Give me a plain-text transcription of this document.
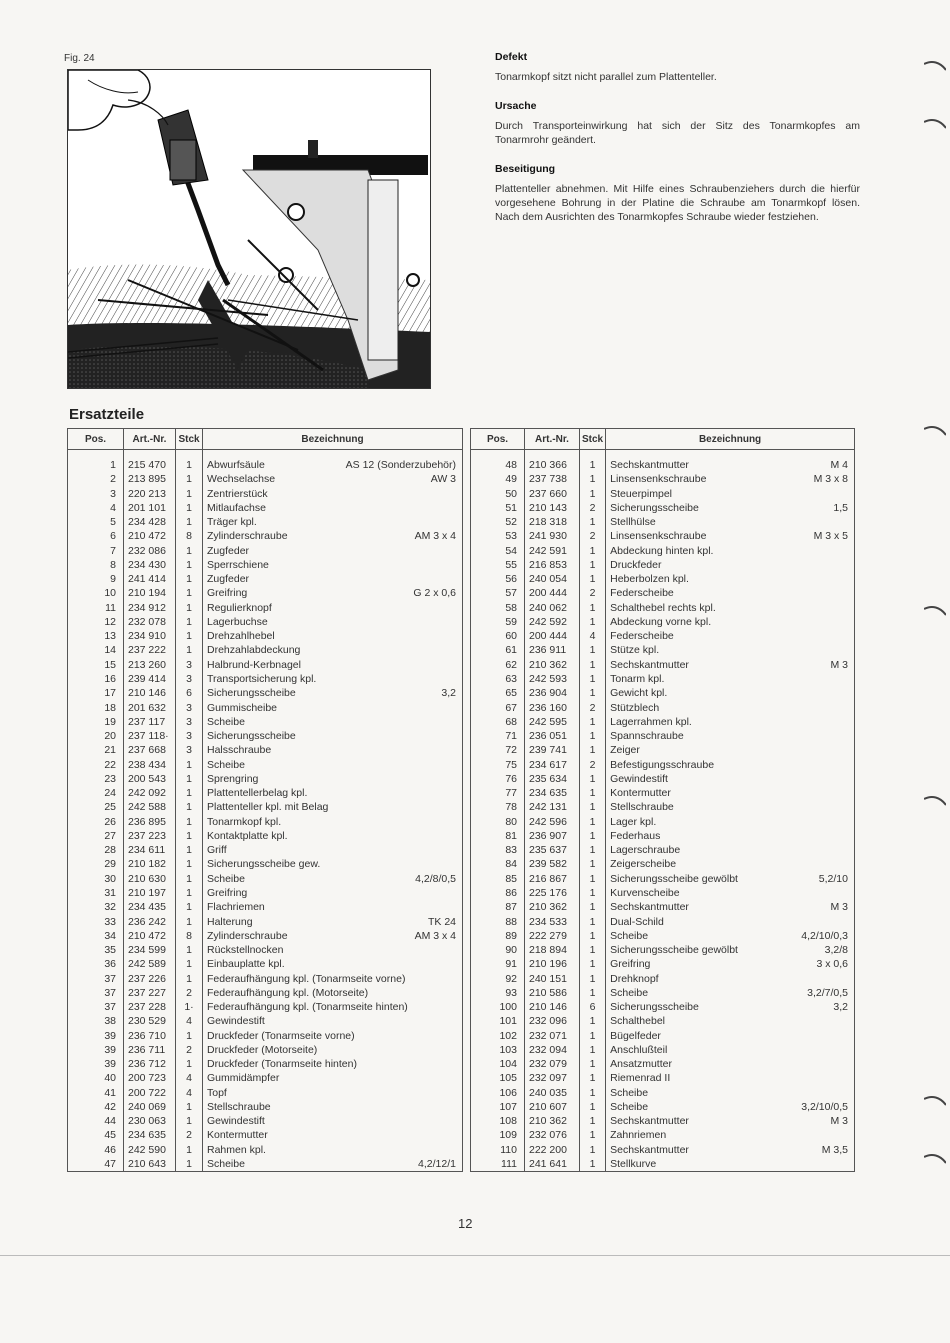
Fig. 24	Defekt

Tonarmkopf sitzt nicht parallel zum Plattenteller.

Ursache

Durch Transporteinwirkung hat sich der Sitz des Tonarmkopfes am Tonarmrohr geändert.

Beseitigung

Plattenteller abnehmen. Mit Hilfe eines Schraubenziehers durch die hierfür vorgesehene Bohrung in der Platine die Schraube am Tonarmkopf lösen. Nach dem Ausrichten des Tonarmkopfes Schraube wieder festziehen.

Ersatzteile
Pos.	Art.-Nr.	Stck	Bezeichnung

1	215 470	1	Abwurfsäule AS 12 (Sonderzubehör)

2	213 895	1	Wechselachse AW 3

3	220 213	1	Zentrierstück
4	201 101	1	Mitlaufachse
5	234 428	1	Träger kpl.
6	210 472	8	Zylinderschraube AM 3 x 4

7	232 086	1	Zugfeder
8	234 430	1	Sperrschiene
9	241 414	1	Zugfeder
10	210 194	1	Greifring G 2 x 0,6

11	234 912	1	Regulierknopf
12	232 078	1	Lagerbuchse
13	234 910	1	Drehzahlhebel
14	237 222	1	Drehzahlabdeckung
15	213 260	3	Halbrund-Kerbnagel
16	239 414	3	Transportsicherung kpl.
17	210 146	6	Sicherungsscheibe 3,2

18	201 632	3	Gummischeibe
19	237 117	3	Scheibe
20	237 118·	3	Sicherungsscheibe
21	237 668	3	Halsschraube
22	238 434	1	Scheibe
23	200 543	1	Sprengring
24	242 092	1	Plattentellerbelag kpl.
25	242 588	1	Plattenteller kpl. mit Belag
26	236 895	1	Tonarmkopf kpl.
27	237 223	1	Kontaktplatte kpl.
28	234 611	1	Griff
29	210 182	1	Sicherungsscheibe gew.
30	210 630	1	Scheibe 4,2/8/0,5

31	210 197	1	Greifring
32	234 435	1	Flachriemen
33	236 242	1	Halterung TK 24

34	210 472	8	Zylinderschraube AM 3 x 4

35	234 599	1	Rückstellnocken
36	242 589	1	Einbauplatte kpl.
37	237 226	1	Federaufhängung kpl. (Tonarmseite vorne)
37	237 227	2	Federaufhängung kpl. (Motorseite)
37	237 228	1·	Federaufhängung kpl. (Tonarmseite hinten)
38	230 529	4	Gewindestift
39	236 710	1	Druckfeder (Tonarmseite vorne)
39	236 711	2	Druckfeder (Motorseite)
39	236 712	1	Druckfeder (Tonarmseite hinten)
40	200 723	4	Gummidämpfer
41	200 722	4	Topf
42	240 069	1	Stellschraube
44	230 063	1	Gewindestift
45	234 635	2	Kontermutter
46	242 590	1	Rahmen kpl.
47	210 643	1	Scheibe 4,2/12/1
Pos.	Art.-Nr.	Stck	Bezeichnung

48	210 366	1	Sechskantmutter M 4

49	237 738	1	Linsensenkschraube M 3 x 8

50	237 660	1	Steuerpimpel
51	210 143	2	Sicherungsscheibe 1,5

52	218 318	1	Stellhülse
53	241 930	2	Linsensenkschraube M 3 x 5

54	242 591	1	Abdeckung hinten kpl.
55	216 853	1	Druckfeder
56	240 054	1	Heberbolzen kpl.
57	200 444	2	Federscheibe
58	240 062	1	Schalthebel rechts kpl.
59	242 592	1	Abdeckung vorne kpl.
60	200 444	4	Federscheibe
61	236 911	1	Stütze kpl.
62	210 362	1	Sechskantmutter M 3

63	242 593	1	Tonarm kpl.
65	236 904	1	Gewicht kpl.
67	236 160	2	Stützblech
68	242 595	1	Lagerrahmen kpl.
71	236 051	1	Spannschraube
72	239 741	1	Zeiger
75	234 617	2	Befestigungsschraube
76	235 634	1	Gewindestift
77	234 635	1	Kontermutter
78	242 131	1	Stellschraube
80	242 596	1	Lager kpl.
81	236 907	1	Federhaus
83	235 637	1	Lagerschraube
84	239 582	1	Zeigerscheibe
85	216 867	1	Sicherungsscheibe gewölbt 5,2/10

86	225 176	1	Kurvenscheibe
87	210 362	1	Sechskantmutter M 3

88	234 533	1	Dual-Schild
89	222 279	1	Scheibe 4,2/10/0,3

90	218 894	1	Sicherungsscheibe gewölbt 3,2/8

91	210 196	1	Greifring 3 x 0,6

92	240 151	1	Drehknopf
93	210 586	1	Scheibe 3,2/7/0,5

100	210 146	6	Sicherungsscheibe 3,2

101	232 096	1	Schalthebel
102	232 071	1	Bügelfeder
103	232 094	1	Anschlußteil
104	232 079	1	Ansatzmutter
105	232 097	1	Riemenrad II
106	240 035	1	Scheibe
107	210 607	1	Scheibe 3,2/10/0,5

108	210 362	1	Sechskantmutter M 3

109	232 076	1	Zahnriemen
110	222 200	1	Sechskantmutter M 3,5

111	241 641	1	Stellkurve
12
